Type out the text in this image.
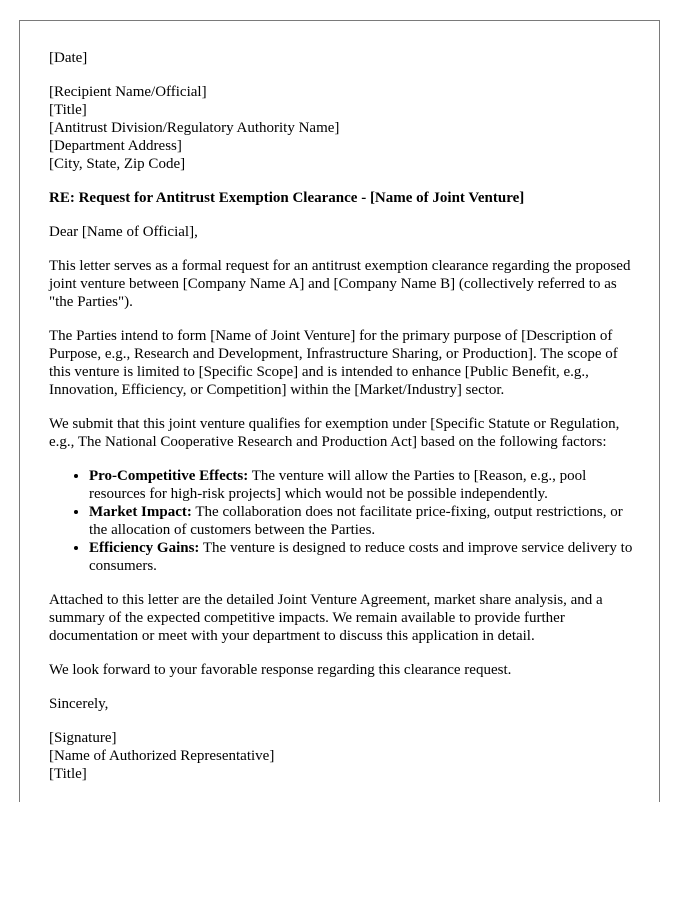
[Date]
[Recipient Name/Official]
[Title]
[Antitrust Division/Regulatory Authority Name]
[Department Address]
[City, State, Zip Code]
RE: Request for Antitrust Exemption Clearance - [Name of Joint Venture]
Dear [Name of Official],
This letter serves as a formal request for an antitrust exemption clearance regarding the proposed joint venture between [Company Name A] and [Company Name B] (collectively referred to as "the Parties").
The Parties intend to form [Name of Joint Venture] for the primary purpose of [Description of Purpose, e.g., Research and Development, Infrastructure Sharing, or Production]. The scope of this venture is limited to [Specific Scope] and is intended to enhance [Public Benefit, e.g., Innovation, Efficiency, or Competition] within the [Market/Industry] sector.
We submit that this joint venture qualifies for exemption under [Specific Statute or Regulation, e.g., The National Cooperative Research and Production Act] based on the following factors:
• Pro-Competitive Effects: The venture will allow the Parties to [Reason, e.g., pool resources for high-risk projects] which would not be possible independently.
• Market Impact: The collaboration does not facilitate price-fixing, output restrictions, or the allocation of customers between the Parties.
• Efficiency Gains: The venture is designed to reduce costs and improve service delivery to consumers.
Attached to this letter are the detailed Joint Venture Agreement, market share analysis, and a summary of the expected competitive impacts. We remain available to provide further documentation or meet with your department to discuss this application in detail.
We look forward to your favorable response regarding this clearance request.
Sincerely,
[Signature]
[Name of Authorized Representative]
[Title]
